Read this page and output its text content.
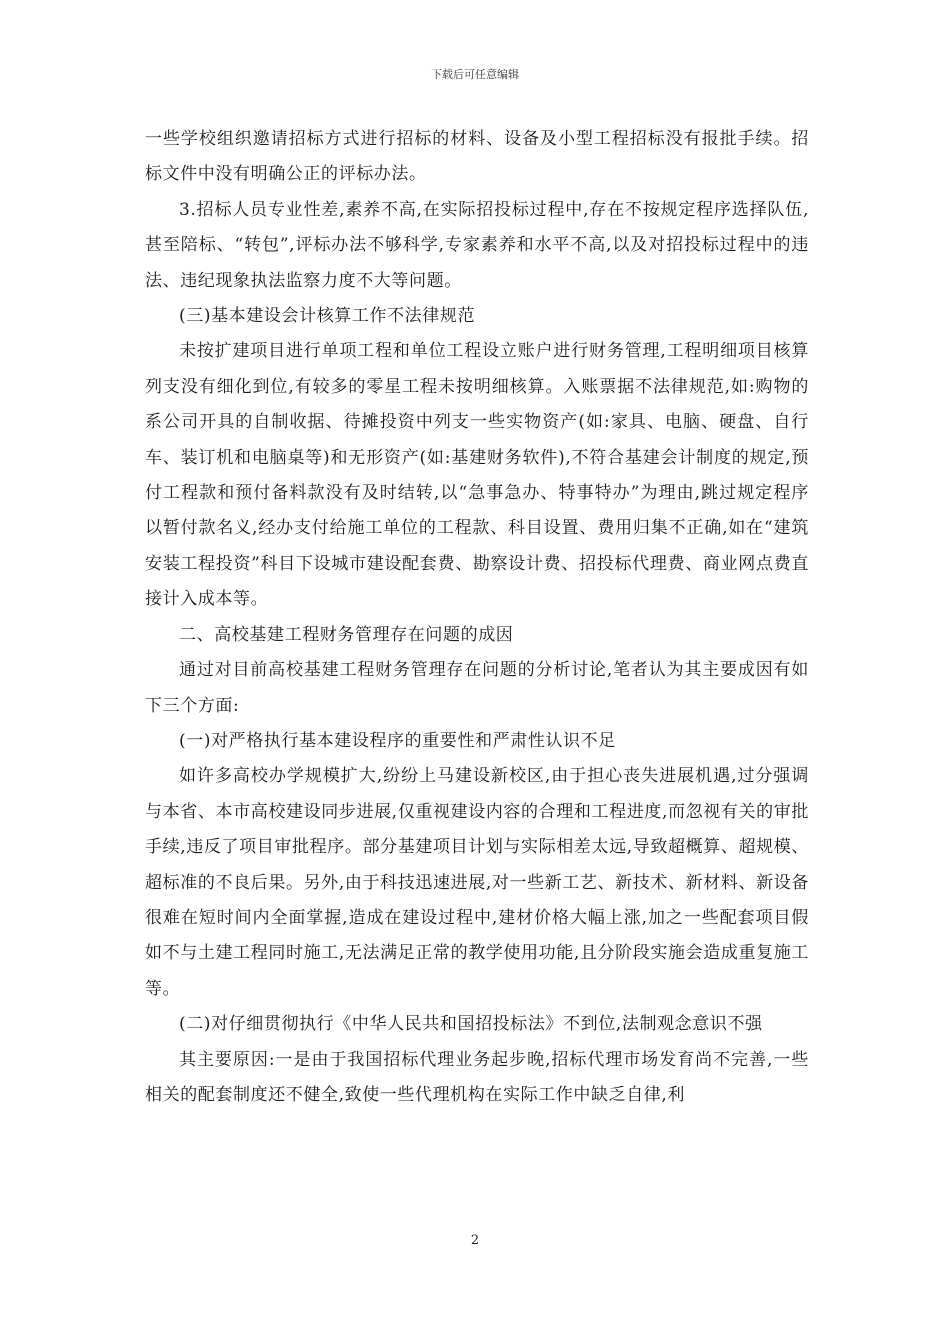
下载后可任意编辑

一些学校组织邀请招标方式进行招标的材料、设备及小型工程招标没有报批手续。招标文件中没有明确公正的评标办法。

3.招标人员专业性差,素养不高,在实际招投标过程中,存在不按规定程序选择队伍,甚至陪标、“转包”,评标办法不够科学,专家素养和水平不高,以及对招投标过程中的违法、违纪现象执法监察力度不大等问题。

(三)基本建设会计核算工作不法律规范

未按扩建项目进行单项工程和单位工程设立账户进行财务管理,工程明细项目核算列支没有细化到位,有较多的零星工程未按明细核算。入账票据不法律规范,如:购物的系公司开具的自制收据、待摊投资中列支一些实物资产(如:家具、电脑、硬盘、自行车、装订机和电脑桌等)和无形资产(如:基建财务软件),不符合基建会计制度的规定,预付工程款和预付备料款没有及时结转,以“急事急办、特事特办”为理由,跳过规定程序以暂付款名义,经办支付给施工单位的工程款、科目设置、费用归集不正确,如在“建筑安装工程投资”科目下设城市建设配套费、勘察设计费、招投标代理费、商业网点费直接计入成本等。

二、高校基建工程财务管理存在问题的成因

通过对目前高校基建工程财务管理存在问题的分析讨论,笔者认为其主要成因有如下三个方面:

(一)对严格执行基本建设程序的重要性和严肃性认识不足

如许多高校办学规模扩大,纷纷上马建设新校区,由于担心丧失进展机遇,过分强调与本省、本市高校建设同步进展,仅重视建设内容的合理和工程进度,而忽视有关的审批手续,违反了项目审批程序。部分基建项目计划与实际相差太远,导致超概算、超规模、超标准的不良后果。另外,由于科技迅速进展,对一些新工艺、新技术、新材料、新设备很难在短时间内全面掌握,造成在建设过程中,建材价格大幅上涨,加之一些配套项目假如不与土建工程同时施工,无法满足正常的教学使用功能,且分阶段实施会造成重复施工等。

(二)对仔细贯彻执行《中华人民共和国招投标法》不到位,法制观念意识不强

其主要原因:一是由于我国招标代理业务起步晚,招标代理市场发育尚不完善,一些相关的配套制度还不健全,致使一些代理机构在实际工作中缺乏自律,利

2
